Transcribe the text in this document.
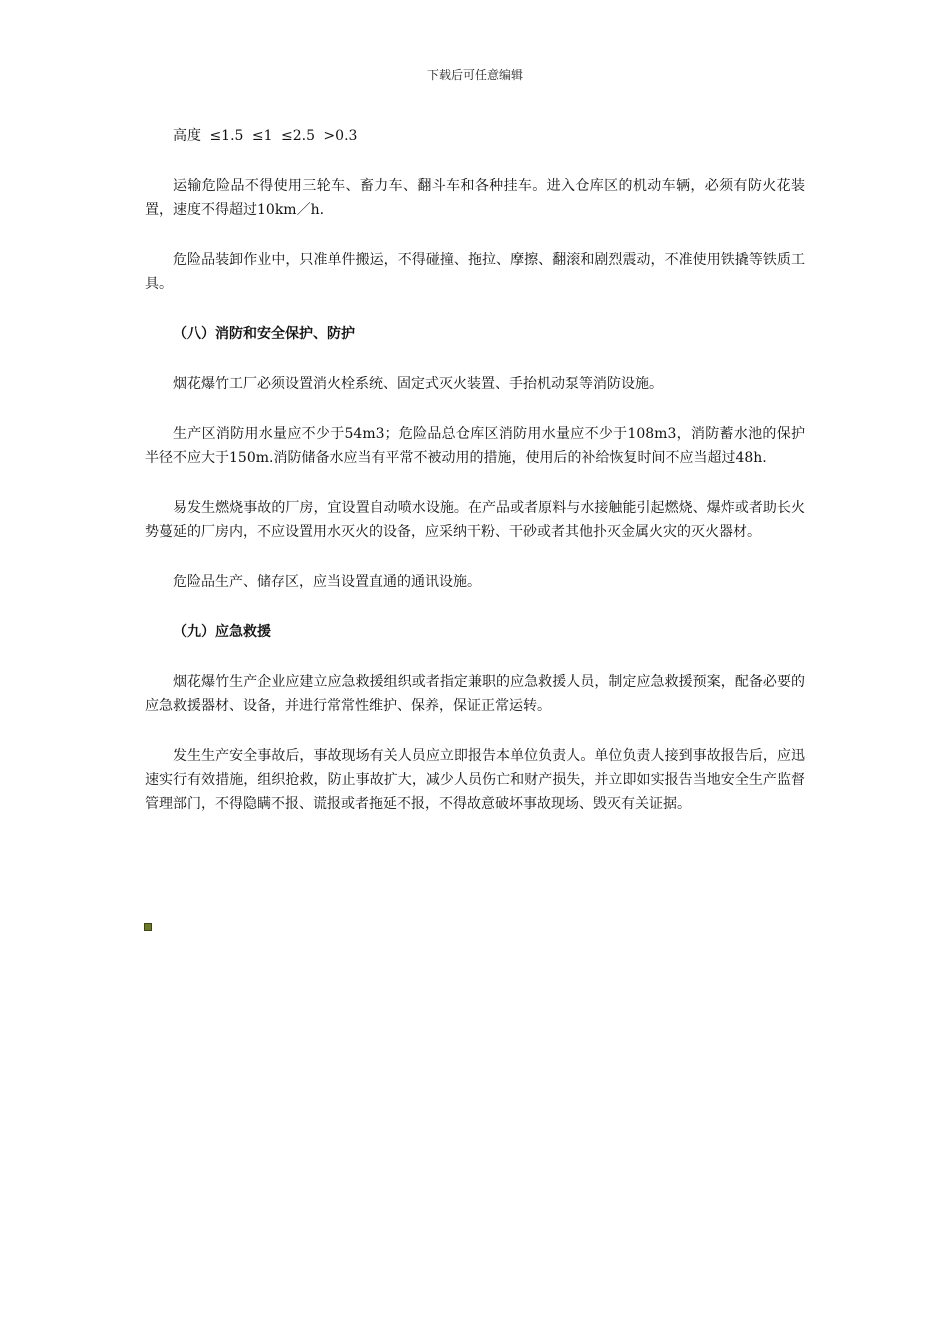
下载后可任意编辑

高度 ≤1.5 ≤1 ≤2.5 >0.3

运输危险品不得使用三轮车、畜力车、翻斗车和各种挂车。进入仓库区的机动车辆，必须有防火花装置，速度不得超过10km／h.

危险品装卸作业中，只准单件搬运，不得碰撞、拖拉、摩擦、翻滚和剧烈震动，不准使用铁撬等铁质工具。

（八）消防和安全保护、防护

烟花爆竹工厂必须设置消火栓系统、固定式灭火装置、手抬机动泵等消防设施。

生产区消防用水量应不少于54m3；危险品总仓库区消防用水量应不少于108m3，消防蓄水池的保护半径不应大于150m.消防储备水应当有平常不被动用的措施，使用后的补给恢复时间不应当超过48h.

易发生燃烧事故的厂房，宜设置自动喷水设施。在产品或者原料与水接触能引起燃烧、爆炸或者助长火势蔓延的厂房内，不应设置用水灭火的设备，应采纳干粉、干砂或者其他扑灭金属火灾的灭火器材。

危险品生产、储存区，应当设置直通的通讯设施。

（九）应急救援

烟花爆竹生产企业应建立应急救援组织或者指定兼职的应急救援人员，制定应急救援预案，配备必要的应急救援器材、设备，并进行常常性维护、保养，保证正常运转。

发生生产安全事故后，事故现场有关人员应立即报告本单位负责人。单位负责人接到事故报告后，应迅速实行有效措施，组织抢救，防止事故扩大，减少人员伤亡和财产损失，并立即如实报告当地安全生产监督管理部门，不得隐瞒不报、谎报或者拖延不报，不得故意破坏事故现场、毁灭有关证据。
